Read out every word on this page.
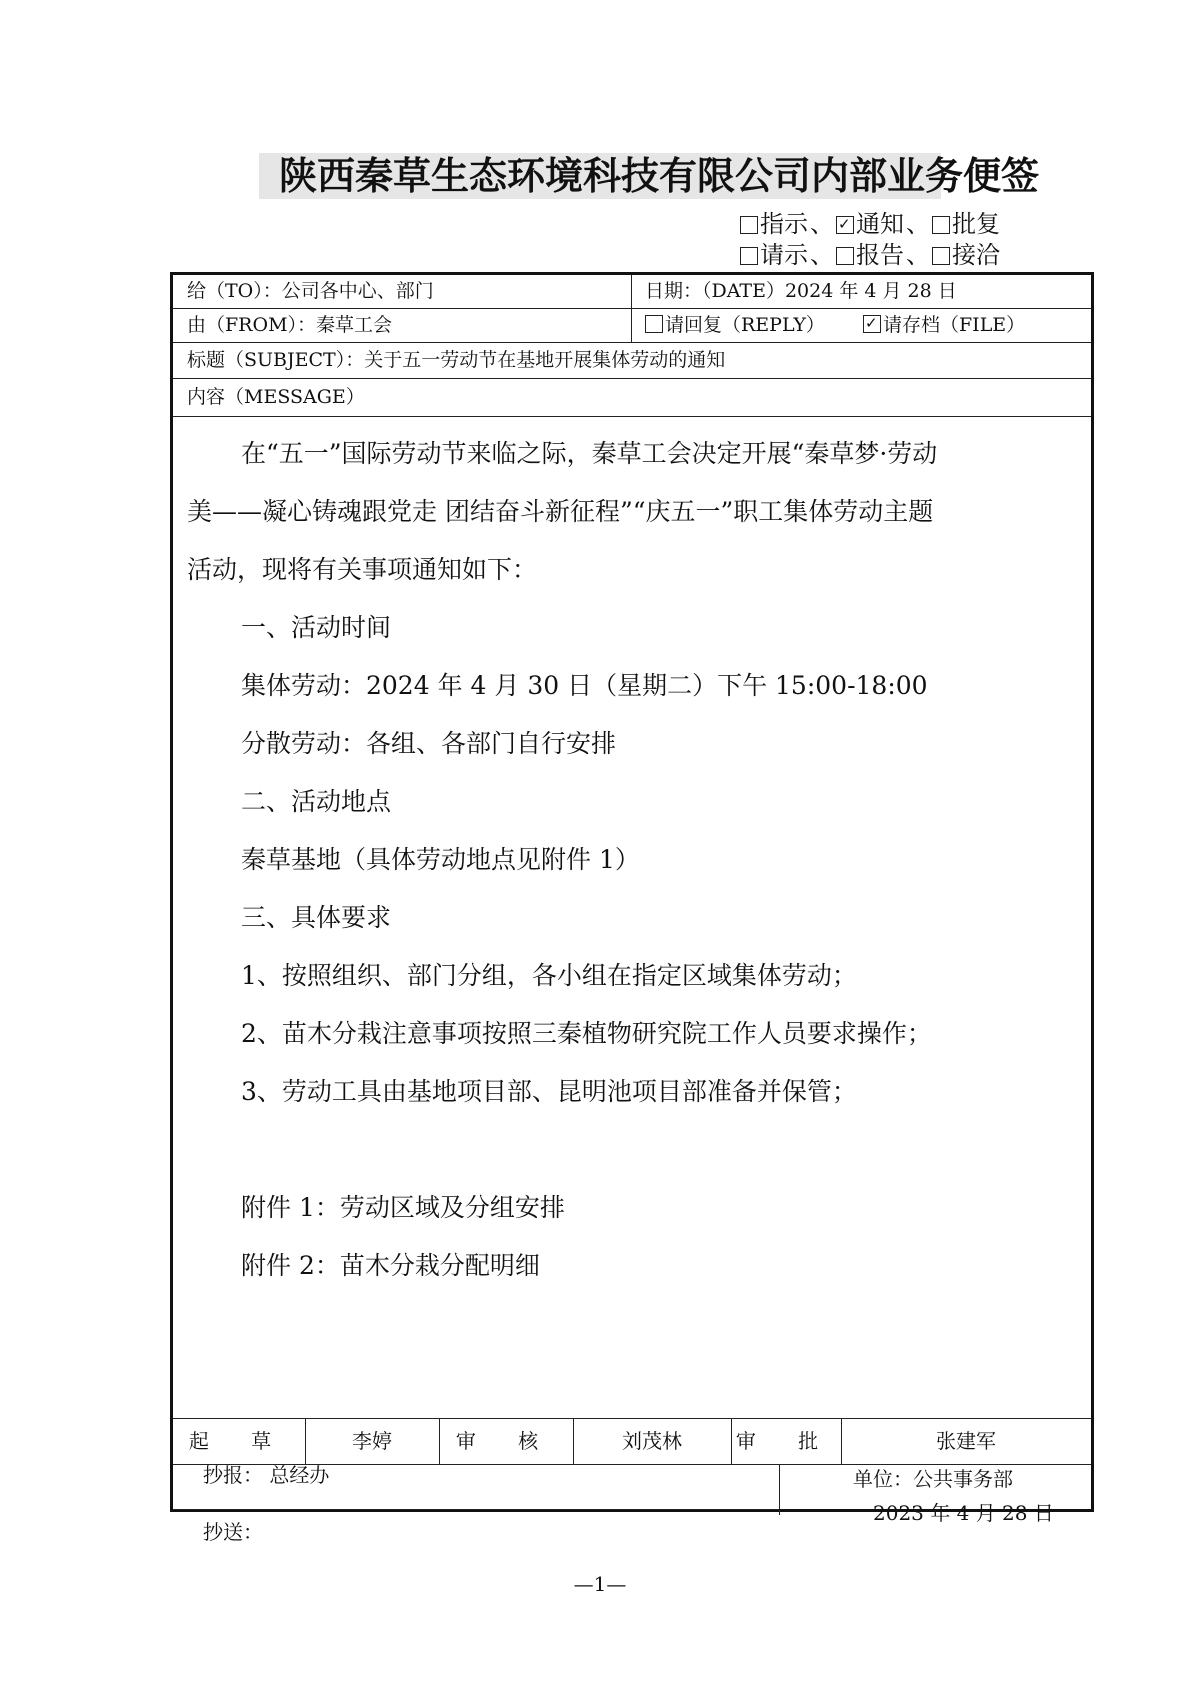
陕西秦草生态环境科技有限公司内部业务便签
指示、 ✓ 通知、 批复
请示、 报告、 接洽
给（TO）：公司各中心、部门	日期：（DATE）2024 年 4 月 28 日
由（FROM）：秦草工会	请回复（REPLY） ✓	请存档（FILE）
标题（SUBJECT）：关于五一劳动节在基地开展集体劳动的通知
内容（MESSAGE）

在“五一”国际劳动节来临之际，秦草工会决定开展“秦草梦·劳动

美——凝心铸魂跟党走 团结奋斗新征程”“庆五一”职工集体劳动主题

活动，现将有关事项通知如下：

一、活动时间

集体劳动：2024 年 4 月 30 日（星期二）下午 15:00-18:00

分散劳动：各组、各部门自行安排

二、活动地点

秦草基地（具体劳动地点见附件 1）

三、具体要求

1、按照组织、部门分组，各小组在指定区域集体劳动；

2、苗木分栽注意事项按照三秦植物研究院工作人员要求操作；

3、劳动工具由基地项目部、昆明池项目部准备并保管；

附件 1：劳动区域及分组安排

附件 2：苗木分栽分配明细

起 草	李婷	审 核	刘茂林	审 批	张建军
抄报： 总经办
抄送：
单位：公共事务部
2023 年 4 月 28 日
—1—
